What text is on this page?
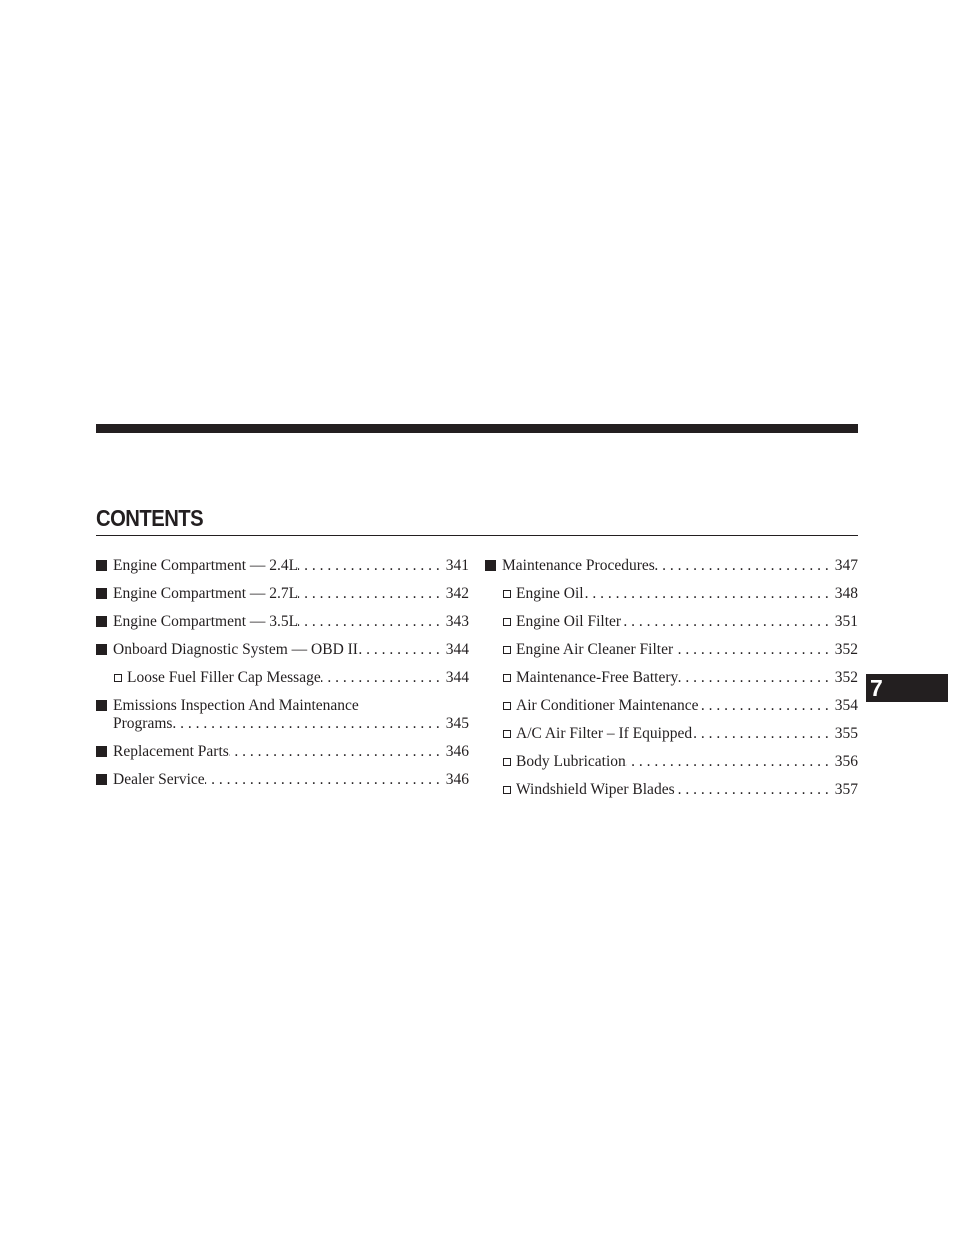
CONTENTS
Engine Compartment — 2.4L . . .	341
Engine Compartment — 2.7L . . .	342
Engine Compartment — 3.5L . . .	343
Onboard Diagnostic System — OBD II . . .	344
Loose Fuel Filler Cap Message . . .	344
Emissions Inspection And Maintenance
Programs . . .	345
Replacement Parts . . .	346
Dealer Service . . .	346
Maintenance Procedures . . .	347
Engine Oil . . .	348
Engine Oil Filter . . .	351
Engine Air Cleaner Filter . . .	352
Maintenance-Free Battery . . .	352
Air Conditioner Maintenance . . .	354
A/C Air Filter – If Equipped . . .	355
Body Lubrication . . .	356
Windshield Wiper Blades . . .	357
7
